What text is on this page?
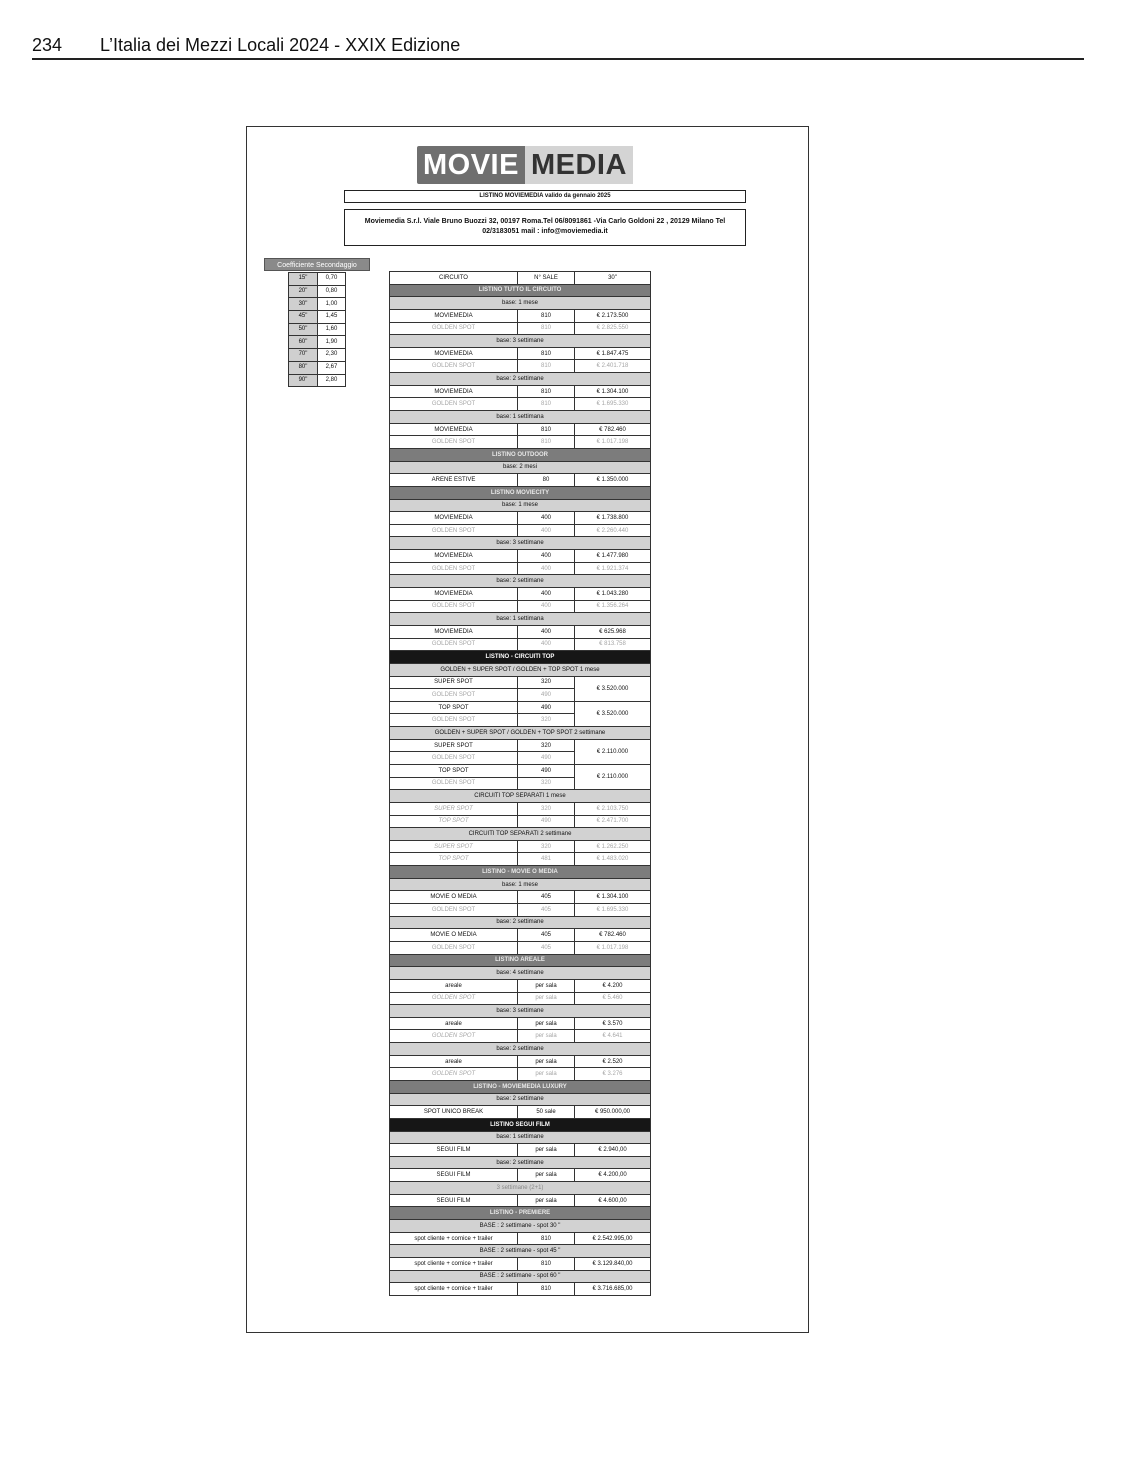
234 L’Italia dei Mezzi Locali 2024 - XXIX Edizione
MOVIE MEDIA
LISTINO MOVIEMEDIA valido da gennaio 2025
Moviemedia S.r.l. Viale Bruno Buozzi 32, 00197 Roma.Tel 06/8091861 -Via Carlo Goldoni 22 , 20129 Milano Tel 02/3183051 mail : info@moviemedia.it
Coefficiente Secondaggio
15"	0,70
20"	0,80
30"	1,00
45"	1,45
50"	1,60
60"	1,90
70"	2,30
80"	2,67
90"	2,80
CIRCUITO	N° SALE	30"
LISTINO TUTTO IL CIRCUITO		
base: 1 mese		
MOVIEMEDIA	810	€ 2.173.500
GOLDEN SPOT	810	€ 2.825.550
base: 3 settimane		
MOVIEMEDIA	810	€ 1.847.475
GOLDEN SPOT	810	€ 2.401.718
base: 2 settimane		
MOVIEMEDIA	810	€ 1.304.100
GOLDEN SPOT	810	€ 1.695.330
base: 1 settimana		
MOVIEMEDIA	810	€ 782.460
GOLDEN SPOT	810	€ 1.017.198
LISTINO OUTDOOR		
base: 2 mesi		
ARENE ESTIVE	80	€ 1.350.000
LISTINO MOVIECITY		
base: 1 mese		
MOVIEMEDIA	400	€ 1.738.800
GOLDEN SPOT	400	€ 2.260.440
base: 3 settimane		
MOVIEMEDIA	400	€ 1.477.980
GOLDEN SPOT	400	€ 1.921.374
base: 2 settimane		
MOVIEMEDIA	400	€ 1.043.280
GOLDEN SPOT	400	€ 1.356.264
base: 1 settimana		
MOVIEMEDIA	400	€ 625.968
GOLDEN SPOT	400	€ 813.758
LISTINO - CIRCUITI TOP		
GOLDEN + SUPER SPOT / GOLDEN + TOP SPOT 1 mese		
SUPER SPOT	320	€ 3.520.000
GOLDEN SPOT	490	
TOP SPOT	490	€ 3.520.000
GOLDEN SPOT	320	
GOLDEN + SUPER SPOT / GOLDEN + TOP SPOT 2 settimane		
SUPER SPOT	320	€ 2.110.000
GOLDEN SPOT	490	
TOP SPOT	490	€ 2.110.000
GOLDEN SPOT	320	
CIRCUITI TOP SEPARATI 1 mese		
SUPER SPOT	320	€ 2.103.750
TOP SPOT	490	€ 2.471.700
CIRCUITI TOP SEPARATI 2 settimane		
SUPER SPOT	320	€ 1.262.250
TOP SPOT	481	€ 1.483.020
LISTINO - MOVIE O MEDIA		
base: 1 mese		
MOVIE O MEDIA	405	€ 1.304.100
GOLDEN SPOT	405	€ 1.695.330
base: 2 settimane		
MOVIE O MEDIA	405	€ 782.460
GOLDEN SPOT	405	€ 1.017.198
LISTINO AREALE		
base: 4 settimane		
areale	per sala	€ 4.200
GOLDEN SPOT	per sala	€ 5.460
base: 3 settimane		
areale	per sala	€ 3.570
GOLDEN SPOT	per sala	€ 4.641
base: 2 settimane		
areale	per sala	€ 2.520
GOLDEN SPOT	per sala	€ 3.276
LISTINO - MOVIEMEDIA LUXURY		
base: 2 settimane		
SPOT UNICO BREAK	50 sale	€ 950.000,00
LISTINO SEGUI FILM		
base: 1 settimane		
SEGUI FILM	per sala	€ 2.940,00
base: 2 settimane		
SEGUI FILM	per sala	€ 4.200,00
3 settimane (2+1)		
SEGUI FILM	per sala	€ 4.600,00
LISTINO - PREMIERE		
BASE : 2 settimane - spot 30 "		
spot cliente + cornice + trailer	810	€ 2.542.995,00
BASE : 2 settimane - spot 45 "		
spot cliente + cornice + trailer	810	€ 3.129.840,00
BASE : 2 settimane - spot 60 "		
spot cliente + cornice + trailer	810	€ 3.716.685,00
